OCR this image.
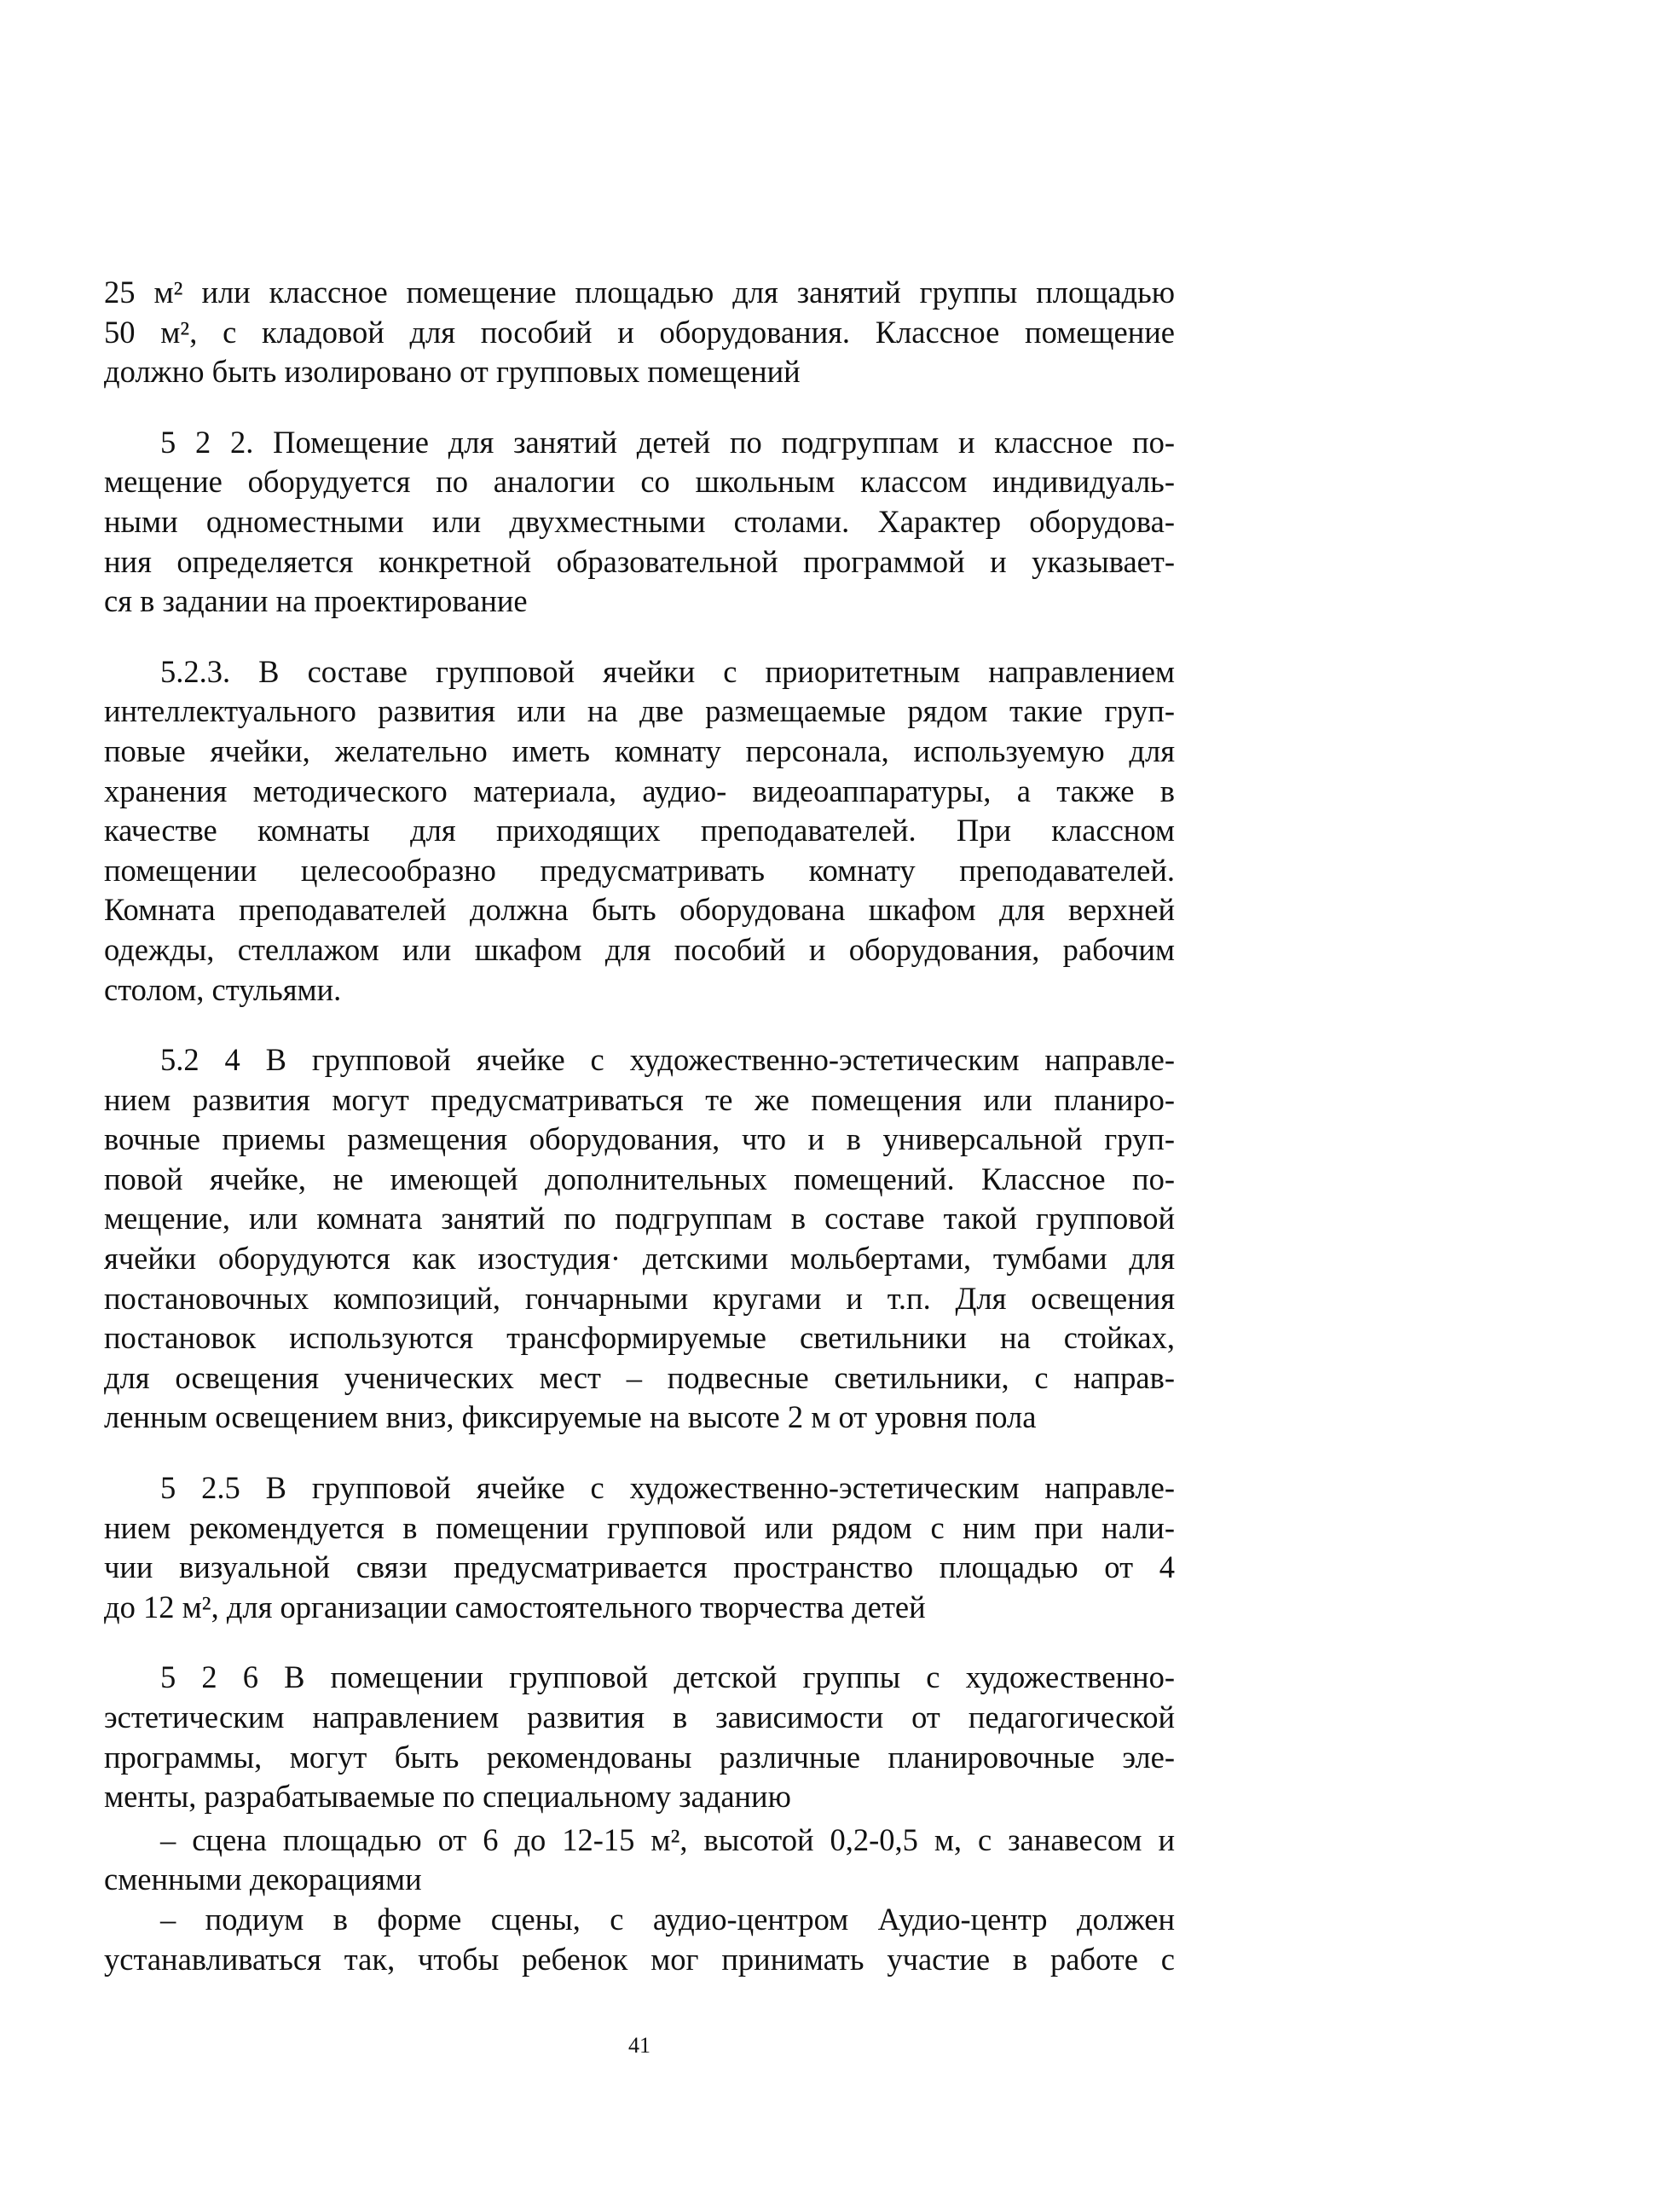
25 м² или классное помещение площадью для занятий группы площадью
50 м², с кладовой для пособий и оборудования. Классное помещение
должно быть изолировано от групповых помещений

5 2 2. Помещение для занятий детей по подгруппам и классное по-
мещение оборудуется по аналогии со школьным классом индивидуаль-
ными одноместными или двухместными столами. Характер оборудова-
ния определяется конкретной образовательной программой и указывает-
ся в задании на проектирование

5.2.3. В составе групповой ячейки с приоритетным направлением
интеллектуального развития или на две размещаемые рядом такие груп-
повые ячейки, желательно иметь комнату персонала, используемую для
хранения методического материала, аудио- видеоаппаратуры, а также в
качестве комнаты для приходящих преподавателей. При классном
помещении целесообразно предусматривать комнату преподавателей.
Комната преподавателей должна быть оборудована шкафом для верхней
одежды, стеллажом или шкафом для пособий и оборудования, рабочим
столом, стульями.

5.2 4 В групповой ячейке с художественно-эстетическим направле-
нием развития могут предусматриваться те же помещения или планиро-
вочные приемы размещения оборудования, что и в универсальной груп-
повой ячейке, не имеющей дополнительных помещений. Классное по-
мещение, или комната занятий по подгруппам в составе такой групповой
ячейки оборудуются как изостудия· детскими мольбертами, тумбами для
постановочных композиций, гончарными кругами и т.п. Для освещения
постановок используются трансформируемые светильники на стойках,
для освещения ученических мест – подвесные светильники, с направ-
ленным освещением вниз, фиксируемые на высоте 2 м от уровня пола

5 2.5 В групповой ячейке с художественно-эстетическим направле-
нием рекомендуется в помещении групповой или рядом с ним при нали-
чии визуальной связи предусматривается пространство площадью от 4
до 12 м², для организации самостоятельного творчества детей

5 2 6 В помещении групповой детской группы с художественно-
эстетическим направлением развития в зависимости от педагогической
программы, могут быть рекомендованы различные планировочные эле-
менты, разрабатываемые по специальному заданию

– сцена площадью от 6 до 12-15 м², высотой 0,2-0,5 м, с занавесом и
сменными декорациями

– подиум в форме сцены, с аудио-центром Аудио-центр должен
устанавливаться так, чтобы ребенок мог принимать участие в работе с

41
